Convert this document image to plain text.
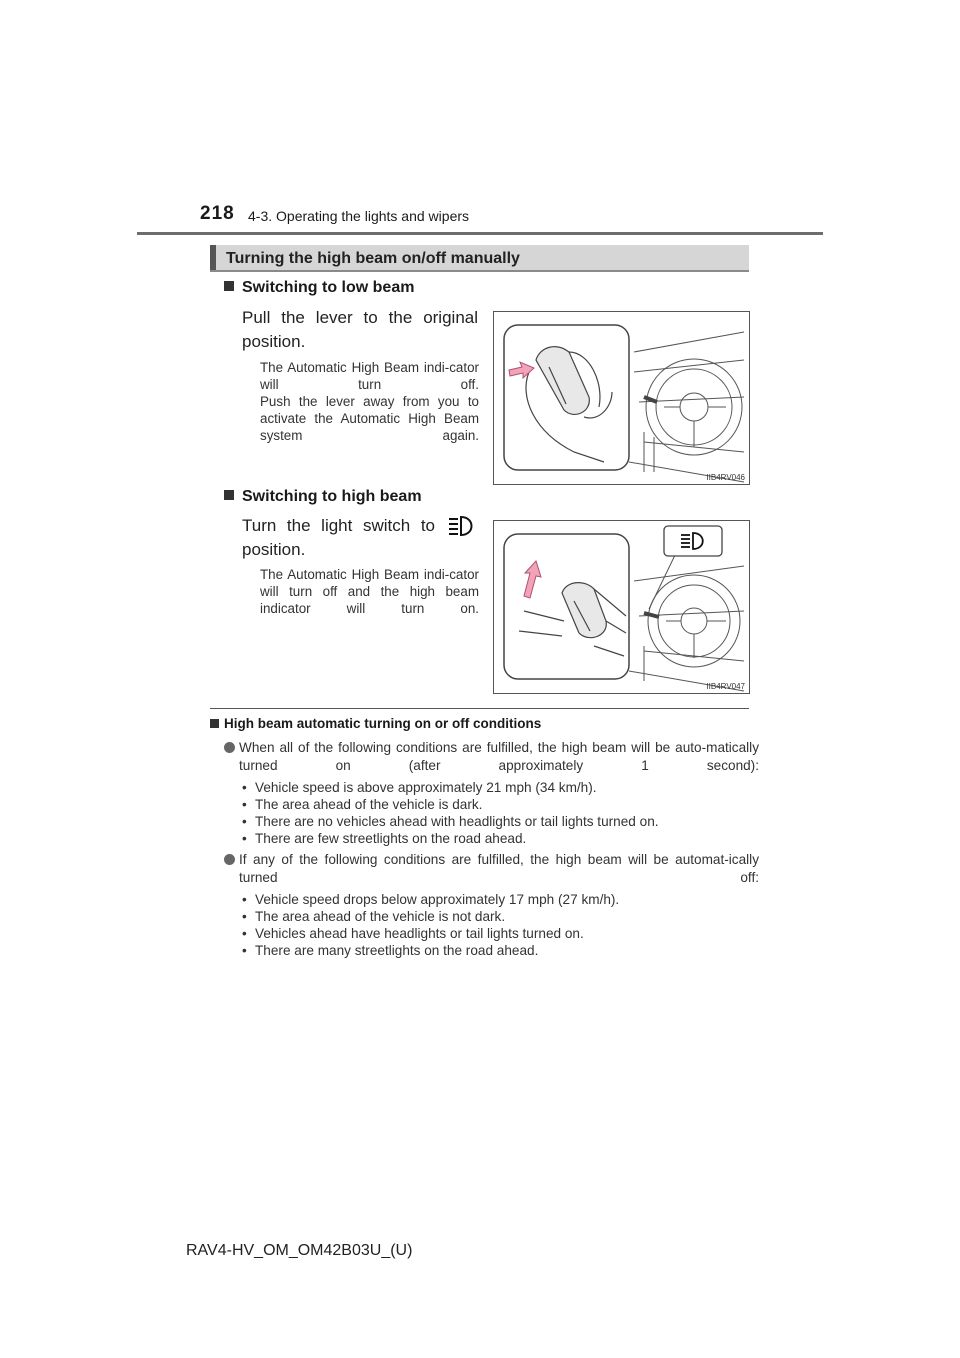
218 4-3. Operating the lights and wipers
Turning the high beam on/off manually
Switching to low beam
Pull the lever to the original position.
The Automatic High Beam indi-cator will turn off.
Push the lever away from you to activate the Automatic High Beam system again.
IIB4RV046
Switching to high beam
Turn the light switch to
position.
The Automatic High Beam indi-cator will turn off and the high beam indicator will turn on.
IIB4RV047
High beam automatic turning on or off conditions
When all of the following conditions are fulfilled, the high beam will be auto-matically turned on (after approximately 1 second):
• Vehicle speed is above approximately 21 mph (34 km/h).
• The area ahead of the vehicle is dark.
• There are no vehicles ahead with headlights or tail lights turned on.
• There are few streetlights on the road ahead.
If any of the following conditions are fulfilled, the high beam will be automat-ically turned off:
• Vehicle speed drops below approximately 17 mph (27 km/h).
• The area ahead of the vehicle is not dark.
• Vehicles ahead have headlights or tail lights turned on.
• There are many streetlights on the road ahead.
RAV4-HV_OM_OM42B03U_(U)
